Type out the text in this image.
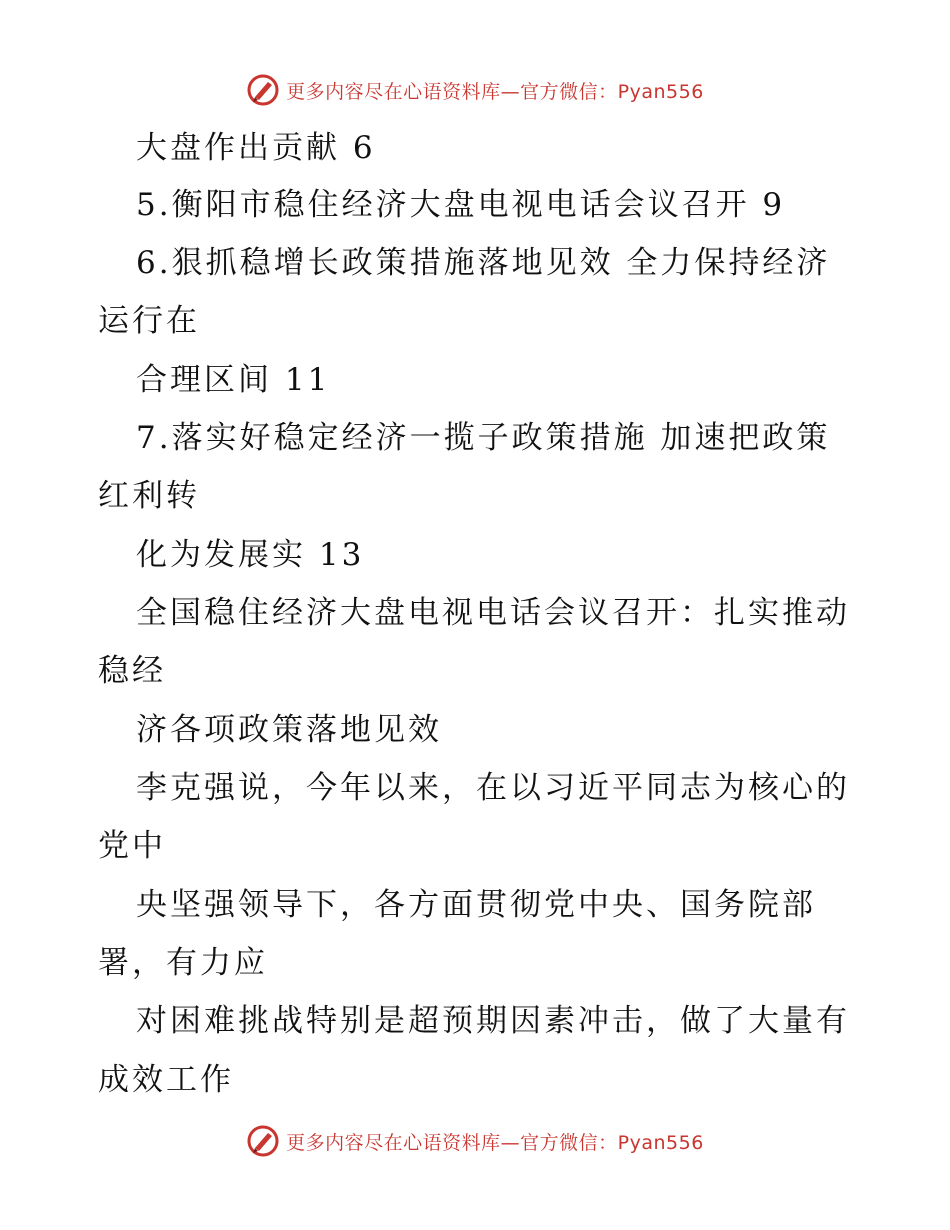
更多内容尽在心语资料库—官方微信：Pyan556
大盘作出贡献 6
5.衡阳市稳住经济大盘电视电话会议召开 9
6.狠抓稳增长政策措施落地见效 全力保持经济
运行在
合理区间 11
7.落实好稳定经济一揽子政策措施 加速把政策
红利转
化为发展实 13
全国稳住经济大盘电视电话会议召开：扎实推动
稳经
济各项政策落地见效
李克强说，今年以来，在以习近平同志为核心的
党中
央坚强领导下，各方面贯彻党中央、国务院部
署，有力应
对困难挑战特别是超预期因素冲击，做了大量有
成效工作
更多内容尽在心语资料库—官方微信：Pyan556
